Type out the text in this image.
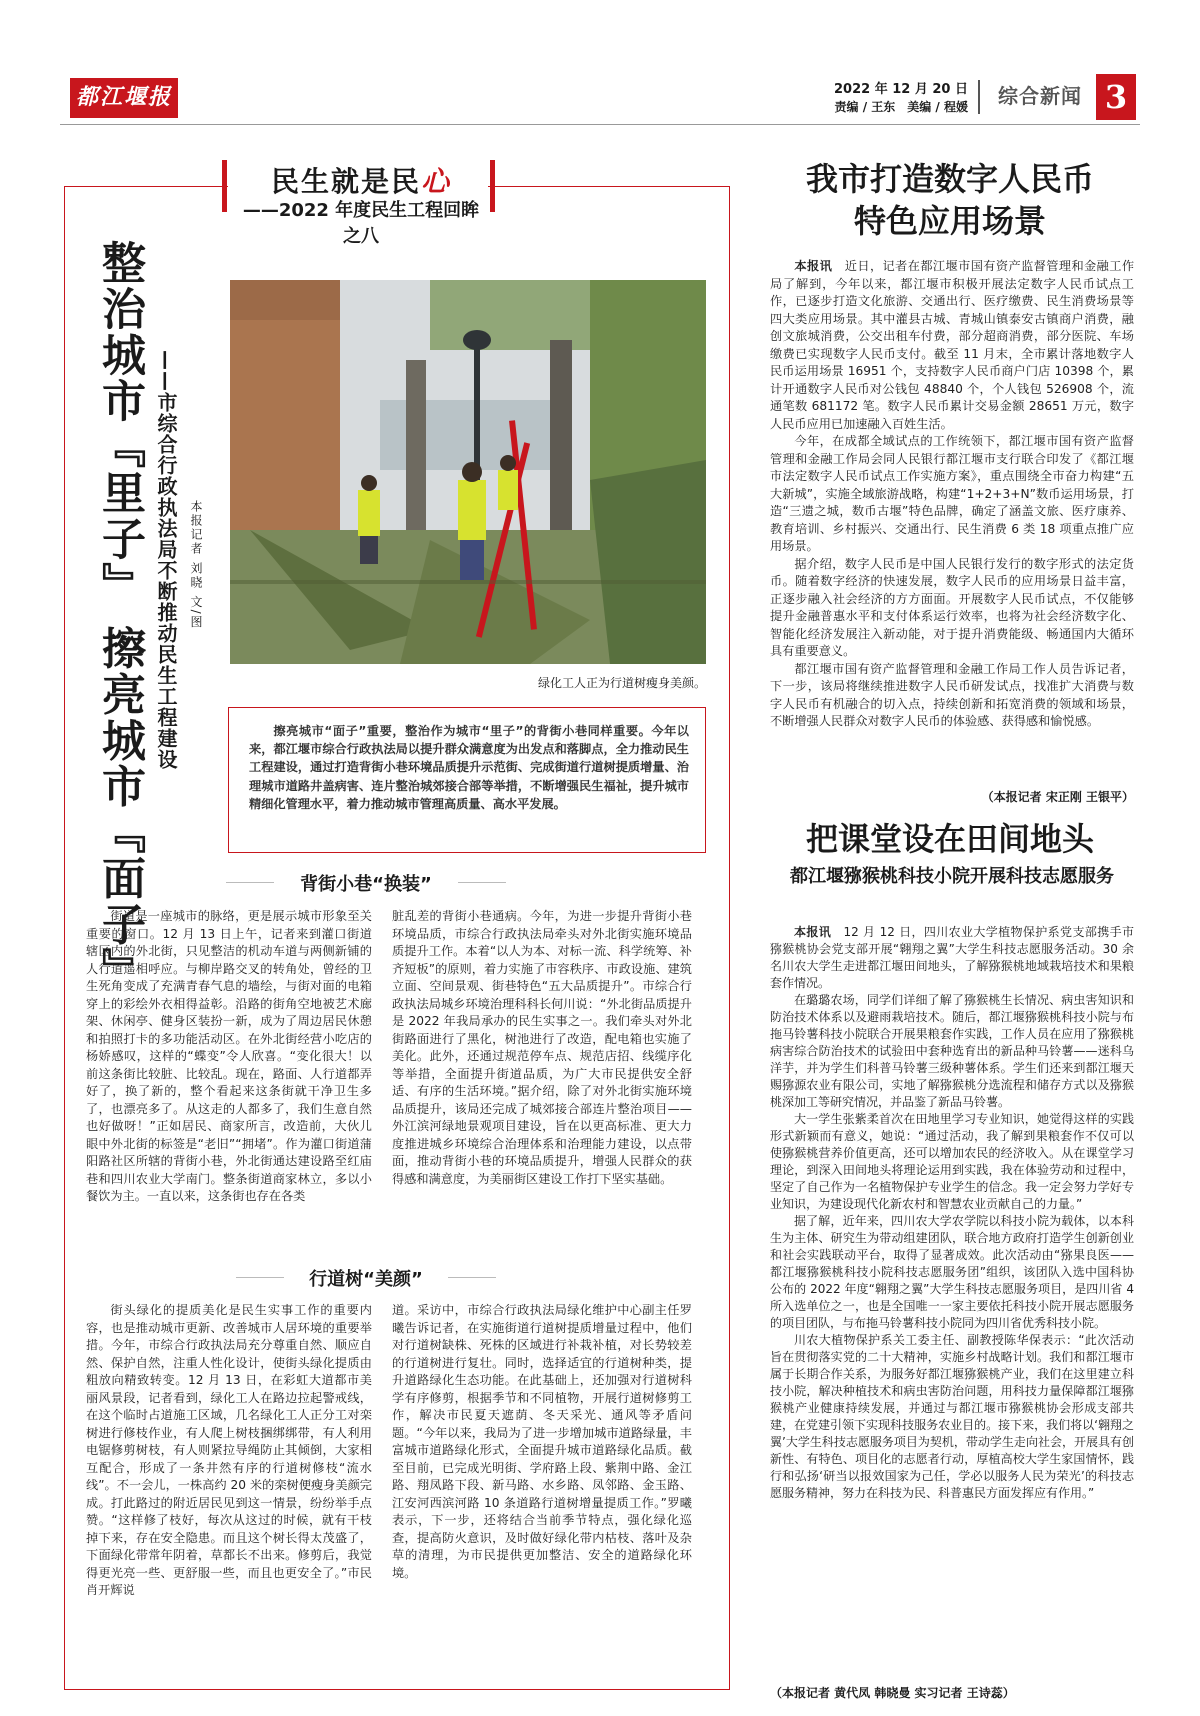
都江堰报	2022 年 12 月 20 日
责编 / 王东　美编 / 程媛 综合新闻 3
民生就是民心
——2022 年度民生工程回眸之八
整治城市『里子』 擦亮城市『面子』 ——市综合行政执法局不断推动民生工程建设 本报记者 刘晓 文/图
绿化工人正为行道树瘦身美颜。
擦亮城市“面子”重要，整治作为城市“里子”的背街小巷同样重要。今年以来，都江堰市综合行政执法局以提升群众满意度为出发点和落脚点，全力推动民生工程建设，通过打造背街小巷环境品质提升示范街、完成街道行道树提质增量、治理城市道路井盖病害、连片整治城郊接合部等举措，不断增强民生福祉，提升城市精细化管理水平，着力推动城市管理高质量、高水平发展。
背街小巷“换装”

街道是一座城市的脉络，更是展示城市形象至关重要的窗口。12 月 13 日上午，记者来到灌口街道辖区内的外北街，只见整洁的机动车道与两侧新铺的人行道遥相呼应。与柳岸路交叉的转角处，曾经的卫生死角变成了充满青春气息的墙绘，与街对面的电箱穿上的彩绘外衣相得益彰。沿路的街角空地被艺术廊架、休闲亭、健身区装扮一新，成为了周边居民休憩和拍照打卡的多功能活动区。在外北街经营小吃店的杨娇感叹，这样的“蝶变”令人欣喜。“变化很大！以前这条街比较脏、比较乱。现在，路面、人行道都弄好了，换了新的，整个看起来这条街就干净卫生多了，也漂亮多了。从这走的人都多了，我们生意自然也好做呀！”正如居民、商家所言，改造前，大伙儿眼中外北街的标签是“老旧”“拥堵”。作为灌口街道蒲阳路社区所辖的背街小巷，外北街通达建设路至红庙巷和四川农业大学南门。整条街道商家林立，多以小餐饮为主。一直以来，这条街也存在各类

脏乱差的背街小巷通病。今年，为进一步提升背街小巷环境品质，市综合行政执法局牵头对外北街实施环境品质提升工作。本着“以人为本、对标一流、科学统筹、补齐短板”的原则，着力实施了市容秩序、市政设施、建筑立面、空间景观、街巷特色“五大品质提升”。市综合行政执法局城乡环境治理科科长何川说：“外北街品质提升是 2022 年我局承办的民生实事之一。我们牵头对外北街路面进行了黑化，树池进行了改造，配电箱也实施了美化。此外，还通过规范停车点、规范店招、线缆序化等举措，全面提升街道品质，为广大市民提供安全舒适、有序的生活环境。”据介绍，除了对外北街实施环境品质提升，该局还完成了城郊接合部连片整治项目——外江滨河绿地景观项目建设，旨在以更高标准、更大力度推进城乡环境综合治理体系和治理能力建设，以点带面，推动背街小巷的环境品质提升，增强人民群众的获得感和满意度，为美丽街区建设工作打下坚实基础。

行道树“美颜”

街头绿化的提质美化是民生实事工作的重要内容，也是推动城市更新、改善城市人居环境的重要举措。今年，市综合行政执法局充分尊重自然、顺应自然、保护自然，注重人性化设计，使街头绿化提质由粗放向精致转变。12 月 13 日，在彩虹大道都市美丽风景段，记者看到，绿化工人在路边拉起警戒线，在这个临时占道施工区域，几名绿化工人正分工对栾树进行修枝作业，有人爬上树枝捆绑绑带，有人利用电锯修剪树枝，有人则紧拉导绳防止其倾倒，大家相互配合，形成了一条井然有序的行道树修枝“流水线”。不一会儿，一株高约 20 米的栾树便瘦身美颜完成。打此路过的附近居民见到这一情景，纷纷举手点赞。“这样修了枝好，每次从这过的时候，就有干枝掉下来，存在安全隐患。而且这个树长得太茂盛了，下面绿化带常年阴着，草都长不出来。修剪后，我觉得更光亮一些、更舒服一些，而且也更安全了。”市民肖开辉说

道。采访中，市综合行政执法局绿化维护中心副主任罗曦告诉记者，在实施街道行道树提质增量过程中，他们对行道树缺株、死株的区域进行补栽补植，对长势较差的行道树进行复壮。同时，选择适宜的行道树种类，提升道路绿化生态功能。在此基础上，还加强对行道树科学有序修剪，根据季节和不同植物，开展行道树修剪工作，解决市民夏天遮荫、冬天采光、通风等矛盾问题。“今年以来，我局为了进一步增加城市道路绿量，丰富城市道路绿化形式，全面提升城市道路绿化品质。截至目前，已完成光明街、学府路上段、紫荆中路、金江路、翔凤路下段、新马路、水乡路、凤邻路、金玉路、江安河西滨河路 10 条道路行道树增量提质工作。”罗曦表示，下一步，还将结合当前季节特点，强化绿化巡查，提高防火意识，及时做好绿化带内枯枝、落叶及杂草的清理，为市民提供更加整洁、安全的道路绿化环境。

我市打造数字人民币
特色应用场景

本报讯　 近日，记者在都江堰市国有资产监督管理和金融工作局了解到，今年以来，都江堰市积极开展法定数字人民币试点工作，已逐步打造文化旅游、交通出行、医疗缴费、民生消费场景等四大类应用场景。其中灌县古城、青城山镇泰安古镇商户消费，融创文旅城消费，公交出租车付费，部分超商消费，部分医院、车场缴费已实现数字人民币支付。截至 11 月末，全市累计落地数字人民币运用场景 16951 个，支持数字人民币商户门店 10398 个，累计开通数字人民币对公钱包 48840 个，个人钱包 526908 个，流通笔数 681172 笔。数字人民币累计交易金额 28651 万元，数字人民币应用已加速融入百姓生活。

今年，在成都全域试点的工作统领下，都江堰市国有资产监督管理和金融工作局会同人民银行都江堰市支行联合印发了《都江堰市法定数字人民币试点工作实施方案》，重点围绕全市奋力构建“五大新城”，实施全域旅游战略，构建“1+2+3+N”数币运用场景，打造“三遗之城，数币古堰”特色品牌，确定了涵盖文旅、医疗康养、教育培训、乡村振兴、交通出行、民生消费 6 类 18 项重点推广应用场景。

据介绍，数字人民币是中国人民银行发行的数字形式的法定货币。随着数字经济的快速发展，数字人民币的应用场景日益丰富，正逐步融入社会经济的方方面面。开展数字人民币试点，不仅能够提升金融普惠水平和支付体系运行效率，也将为社会经济数字化、智能化经济发展注入新动能，对于提升消费能级、畅通国内大循环具有重要意义。

都江堰市国有资产监督管理和金融工作局工作人员告诉记者，下一步，该局将继续推进数字人民币研发试点，找准扩大消费与数字人民币有机融合的切入点，持续创新和拓宽消费的领域和场景，不断增强人民群众对数字人民币的体验感、获得感和愉悦感。

（本报记者 宋正刚 王银平）
把课堂设在田间地头
都江堰猕猴桃科技小院开展科技志愿服务

本报讯　 12 月 12 日，四川农业大学植物保护系党支部携手市猕猴桃协会党支部开展“翱翔之翼”大学生科技志愿服务活动。30 余名川农大学生走进都江堰田间地头，了解猕猴桃地域栽培技术和果粮套作情况。

在璐璐农场，同学们详细了解了猕猴桃生长情况、病虫害知识和防治技术体系以及避雨栽培技术。随后，都江堰猕猴桃科技小院与布拖马铃薯科技小院联合开展果粮套作实践，工作人员在应用了猕猴桃病害综合防治技术的试验田中套种选育出的新品种马铃薯——迷科乌洋芋，并为学生们科普马铃薯三级种薯体系。学生们还来到都江堰天赐猕源农业有限公司，实地了解猕猴桃分选流程和储存方式以及猕猴桃深加工等研究情况，并品鉴了新品马铃薯。

大一学生张紫柔首次在田地里学习专业知识，她觉得这样的实践形式新颖而有意义，她说：“通过活动，我了解到果粮套作不仅可以使猕猴桃营养价值更高，还可以增加农民的经济收入。从在课堂学习理论，到深入田间地头将理论运用到实践，我在体验劳动和过程中，坚定了自己作为一名植物保护专业学生的信念。我一定会努力学好专业知识，为建设现代化新农村和智慧农业贡献自己的力量。”

据了解，近年来，四川农大学农学院以科技小院为载体，以本科生为主体、研究生为带动组建团队，联合地方政府打造学生创新创业和社会实践联动平台，取得了显著成效。此次活动由“猕果良医——都江堰猕猴桃科技小院科技志愿服务团”组织，该团队入选中国科协公布的 2022 年度“翱翔之翼”大学生科技志愿服务项目，是四川省 4 所入选单位之一，也是全国唯一一家主要依托科技小院开展志愿服务的项目团队，与布拖马铃薯科技小院同为四川省优秀科技小院。

川农大植物保护系关工委主任、副教授陈华保表示：“此次活动旨在贯彻落实党的二十大精神，实施乡村战略计划。我们和都江堰市属于长期合作关系，为服务好都江堰猕猴桃产业，我们在这里建立科技小院，解决种植技术和病虫害防治问题，用科技力量保障都江堰猕猴桃产业健康持续发展，并通过与都江堰市猕猴桃协会形成支部共建，在党建引领下实现科技服务农业目的。接下来，我们将以‘翱翔之翼’大学生科技志愿服务项目为契机，带动学生走向社会，开展具有创新性、有特色、项目化的志愿者行动，厚植高校大学生家国情怀，践行和弘扬‘研当以报效国家为己任，学必以服务人民为荣光’的科技志愿服务精神，努力在科技为民、科普惠民方面发挥应有作用。”

（本报记者 黄代凤 韩晓曼 实习记者 王诗蕊）
